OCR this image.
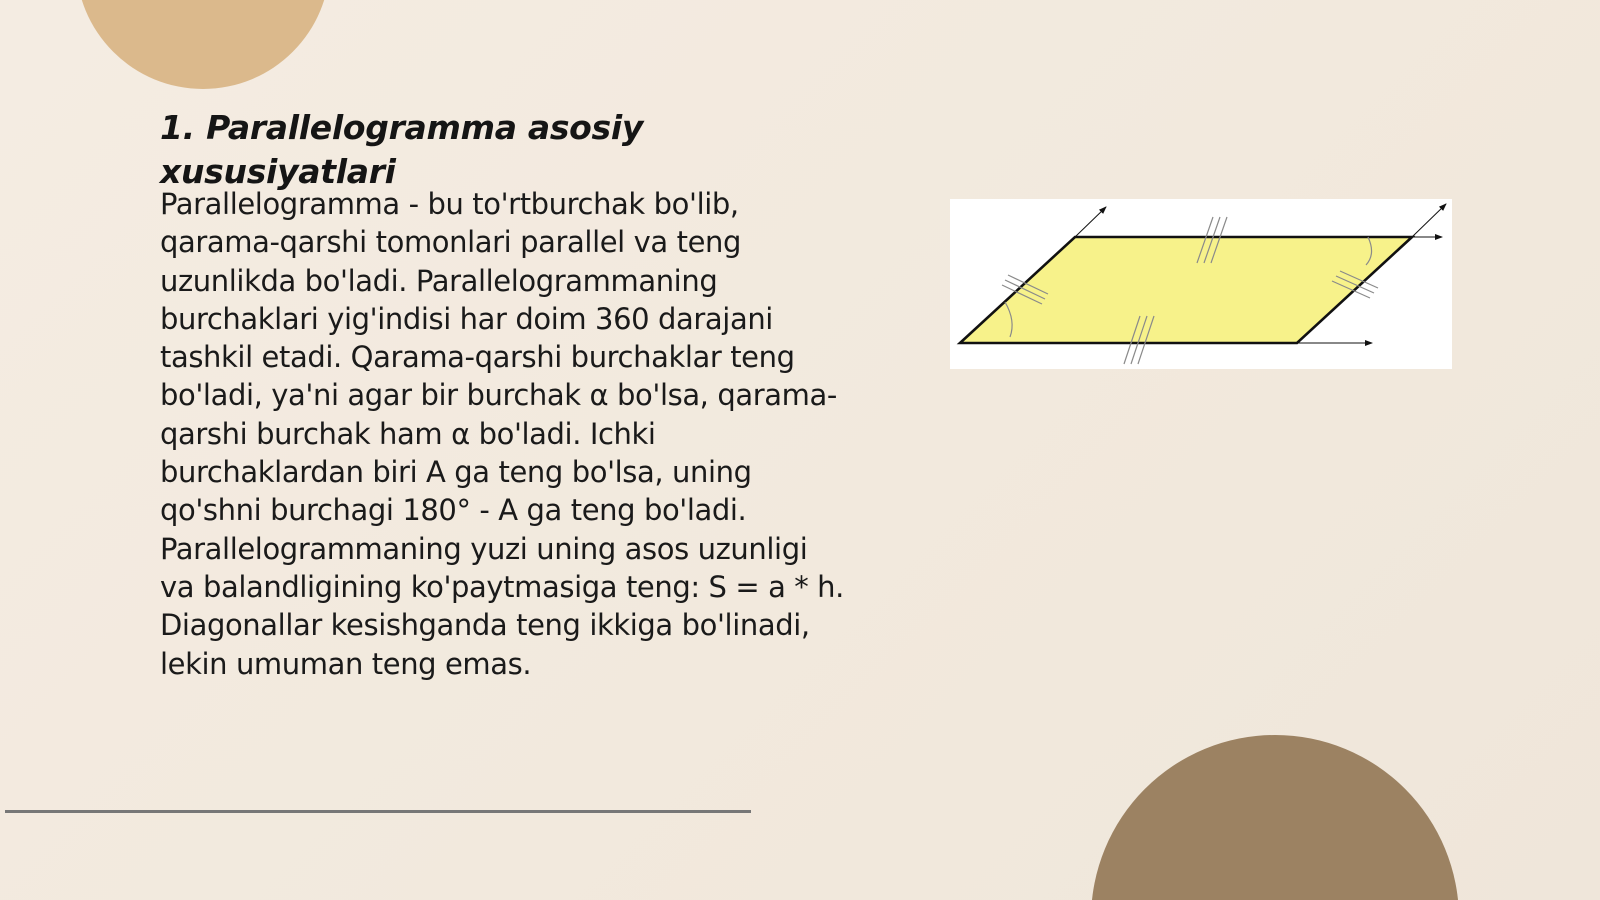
1. Parallelogramma asosiy xususiyatlari

Parallelogramma - bu to'rtburchak bo'lib, qarama-qarshi tomonlari parallel va teng uzunlikda bo'ladi. Parallelogrammaning burchaklari yig'indisi har doim 360 darajani tashkil etadi. Qarama-qarshi burchaklar teng bo'ladi, ya'ni agar bir burchak α bo'lsa, qarama-qarshi burchak ham α bo'ladi. Ichki burchaklardan biri A ga teng bo'lsa, uning qo'shni burchagi 180° - A ga teng bo'ladi. Parallelogrammaning yuzi uning asos uzunligi va balandligining ko'paytmasiga teng: S = a * h. Diagonallar kesishganda teng ikkiga bo'linadi, lekin umuman teng emas.
